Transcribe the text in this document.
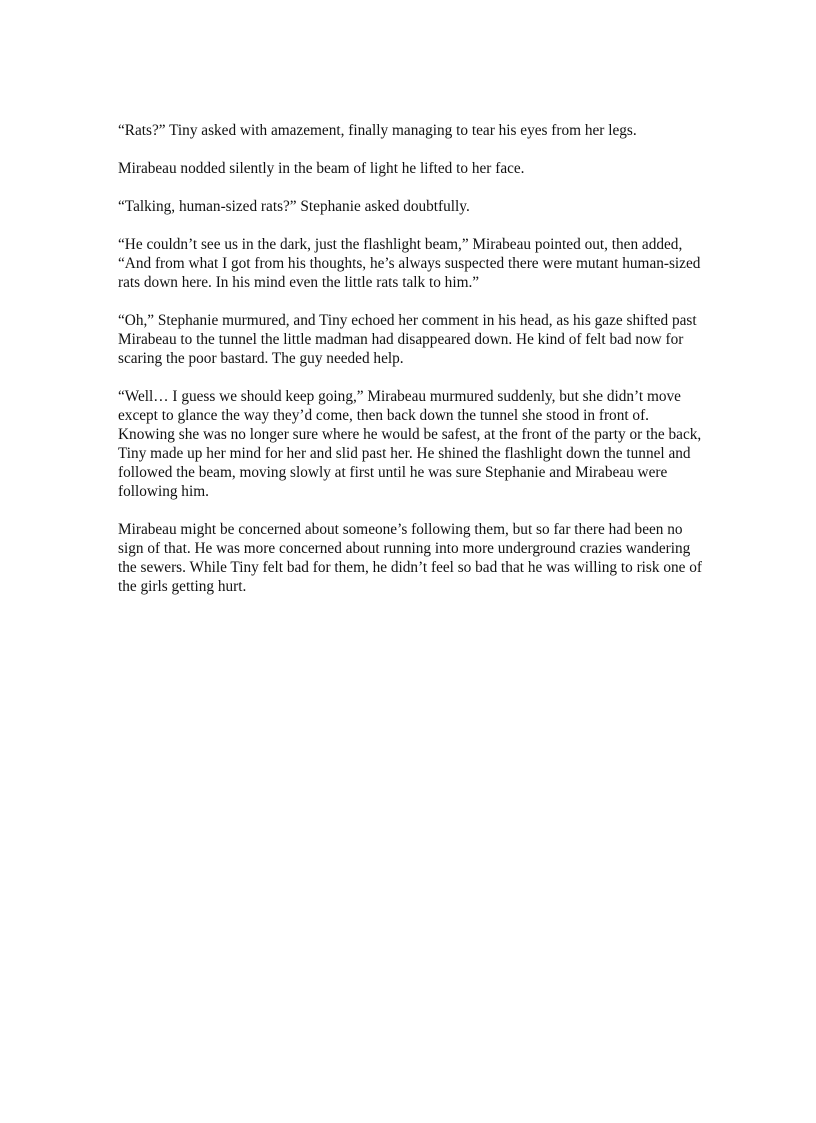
“Rats?” Tiny asked with amazement, finally managing to tear his eyes from her legs.

Mirabeau nodded silently in the beam of light he lifted to her face.

“Talking, human-sized rats?” Stephanie asked doubtfully.

“He couldn’t see us in the dark, just the flashlight beam,” Mirabeau pointed out, then added, “And from what I got from his thoughts, he’s always suspected there were mutant human-sized rats down here. In his mind even the little rats talk to him.”

“Oh,” Stephanie murmured, and Tiny echoed her comment in his head, as his gaze shifted past Mirabeau to the tunnel the little madman had disappeared down. He kind of felt bad now for scaring the poor bastard. The guy needed help.

“Well… I guess we should keep going,” Mirabeau murmured suddenly, but she didn’t move except to glance the way they’d come, then back down the tunnel she stood in front of. Knowing she was no longer sure where he would be safest, at the front of the party or the back, Tiny made up her mind for her and slid past her. He shined the flashlight down the tunnel and followed the beam, moving slowly at first until he was sure Stephanie and Mirabeau were following him.

Mirabeau might be concerned about someone’s following them, but so far there had been no sign of that. He was more concerned about running into more underground crazies wandering the sewers. While Tiny felt bad for them, he didn’t feel so bad that he was willing to risk one of the girls getting hurt.
